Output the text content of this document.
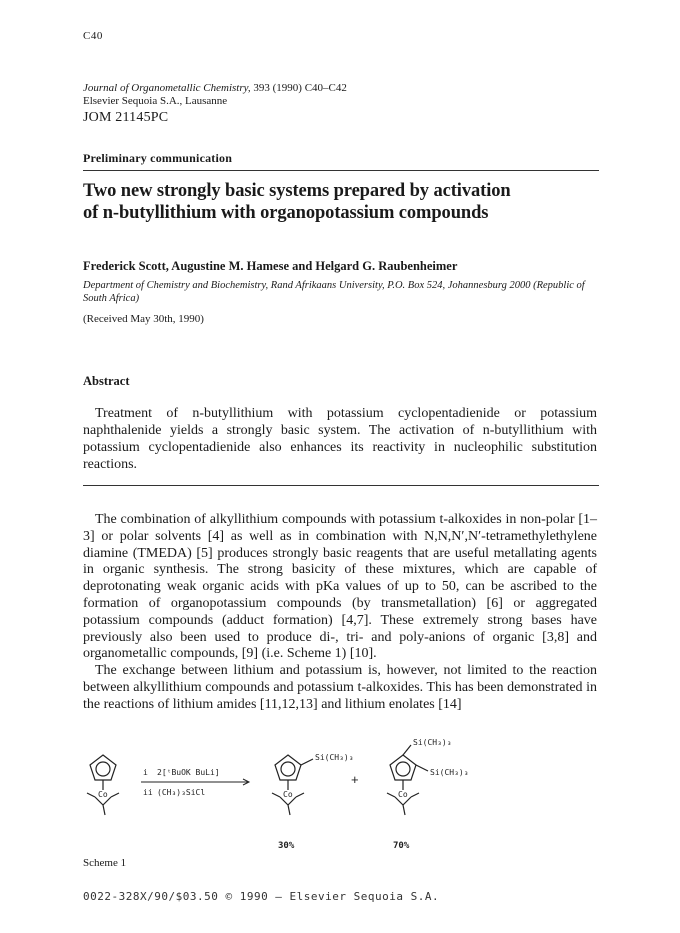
C40
Journal of Organometallic Chemistry, 393 (1990) C40–C42
Elsevier Sequoia S.A., Lausanne
JOM 21145PC
Preliminary communication
Two new strongly basic systems prepared by activation
of n-butyllithium with organopotassium compounds
Frederick Scott, Augustine M. Hamese and Helgard G. Raubenheimer
Department of Chemistry and Biochemistry, Rand Afrikaans University, P.O. Box 524, Johannesburg 2000 (Republic of South Africa)
(Received May 30th, 1990)
Abstract
Treatment of n-butyllithium with potassium cyclopentadienide or potassium naphthalenide yields a strongly basic system. The activation of n-butyllithium with potassium cyclopentadienide also enhances its reactivity in nucleophilic substitution reactions.

The combination of alkyllithium compounds with potassium t-alkoxides in non-polar [1–3] or polar solvents [4] as well as in combination with N,N,N′,N′-tetramethylethylene diamine (TMEDA) [5] produces strongly basic reagents that are useful metallating agents in organic synthesis. The strong basicity of these mixtures, which are capable of deprotonating weak organic acids with pKa values of up to 50, can be ascribed to the formation of organopotassium compounds (by transmetallation) [6] or aggregated potassium compounds (adduct formation) [4,7]. These extremely strong bases have previously also been used to produce di-, tri- and poly-anions of organic [3,8] and organometallic compounds, [9] (i.e. Scheme 1) [10].

The exchange between lithium and potassium is, however, not limited to the reaction between alkyllithium compounds and potassium t-alkoxides. This has been demonstrated in the reactions of lithium amides [11,12,13] and lithium enolates [14]

Co
i 2[ᵗBuOK BuLi]
ii (CH₃)₃SiCl
Si(CH₃)₃
Co
30%
+
Si(CH₃)₃
Si(CH₃)₃
Co
70%
Scheme 1
0022-328X/90/$03.50 © 1990 – Elsevier Sequoia S.A.
